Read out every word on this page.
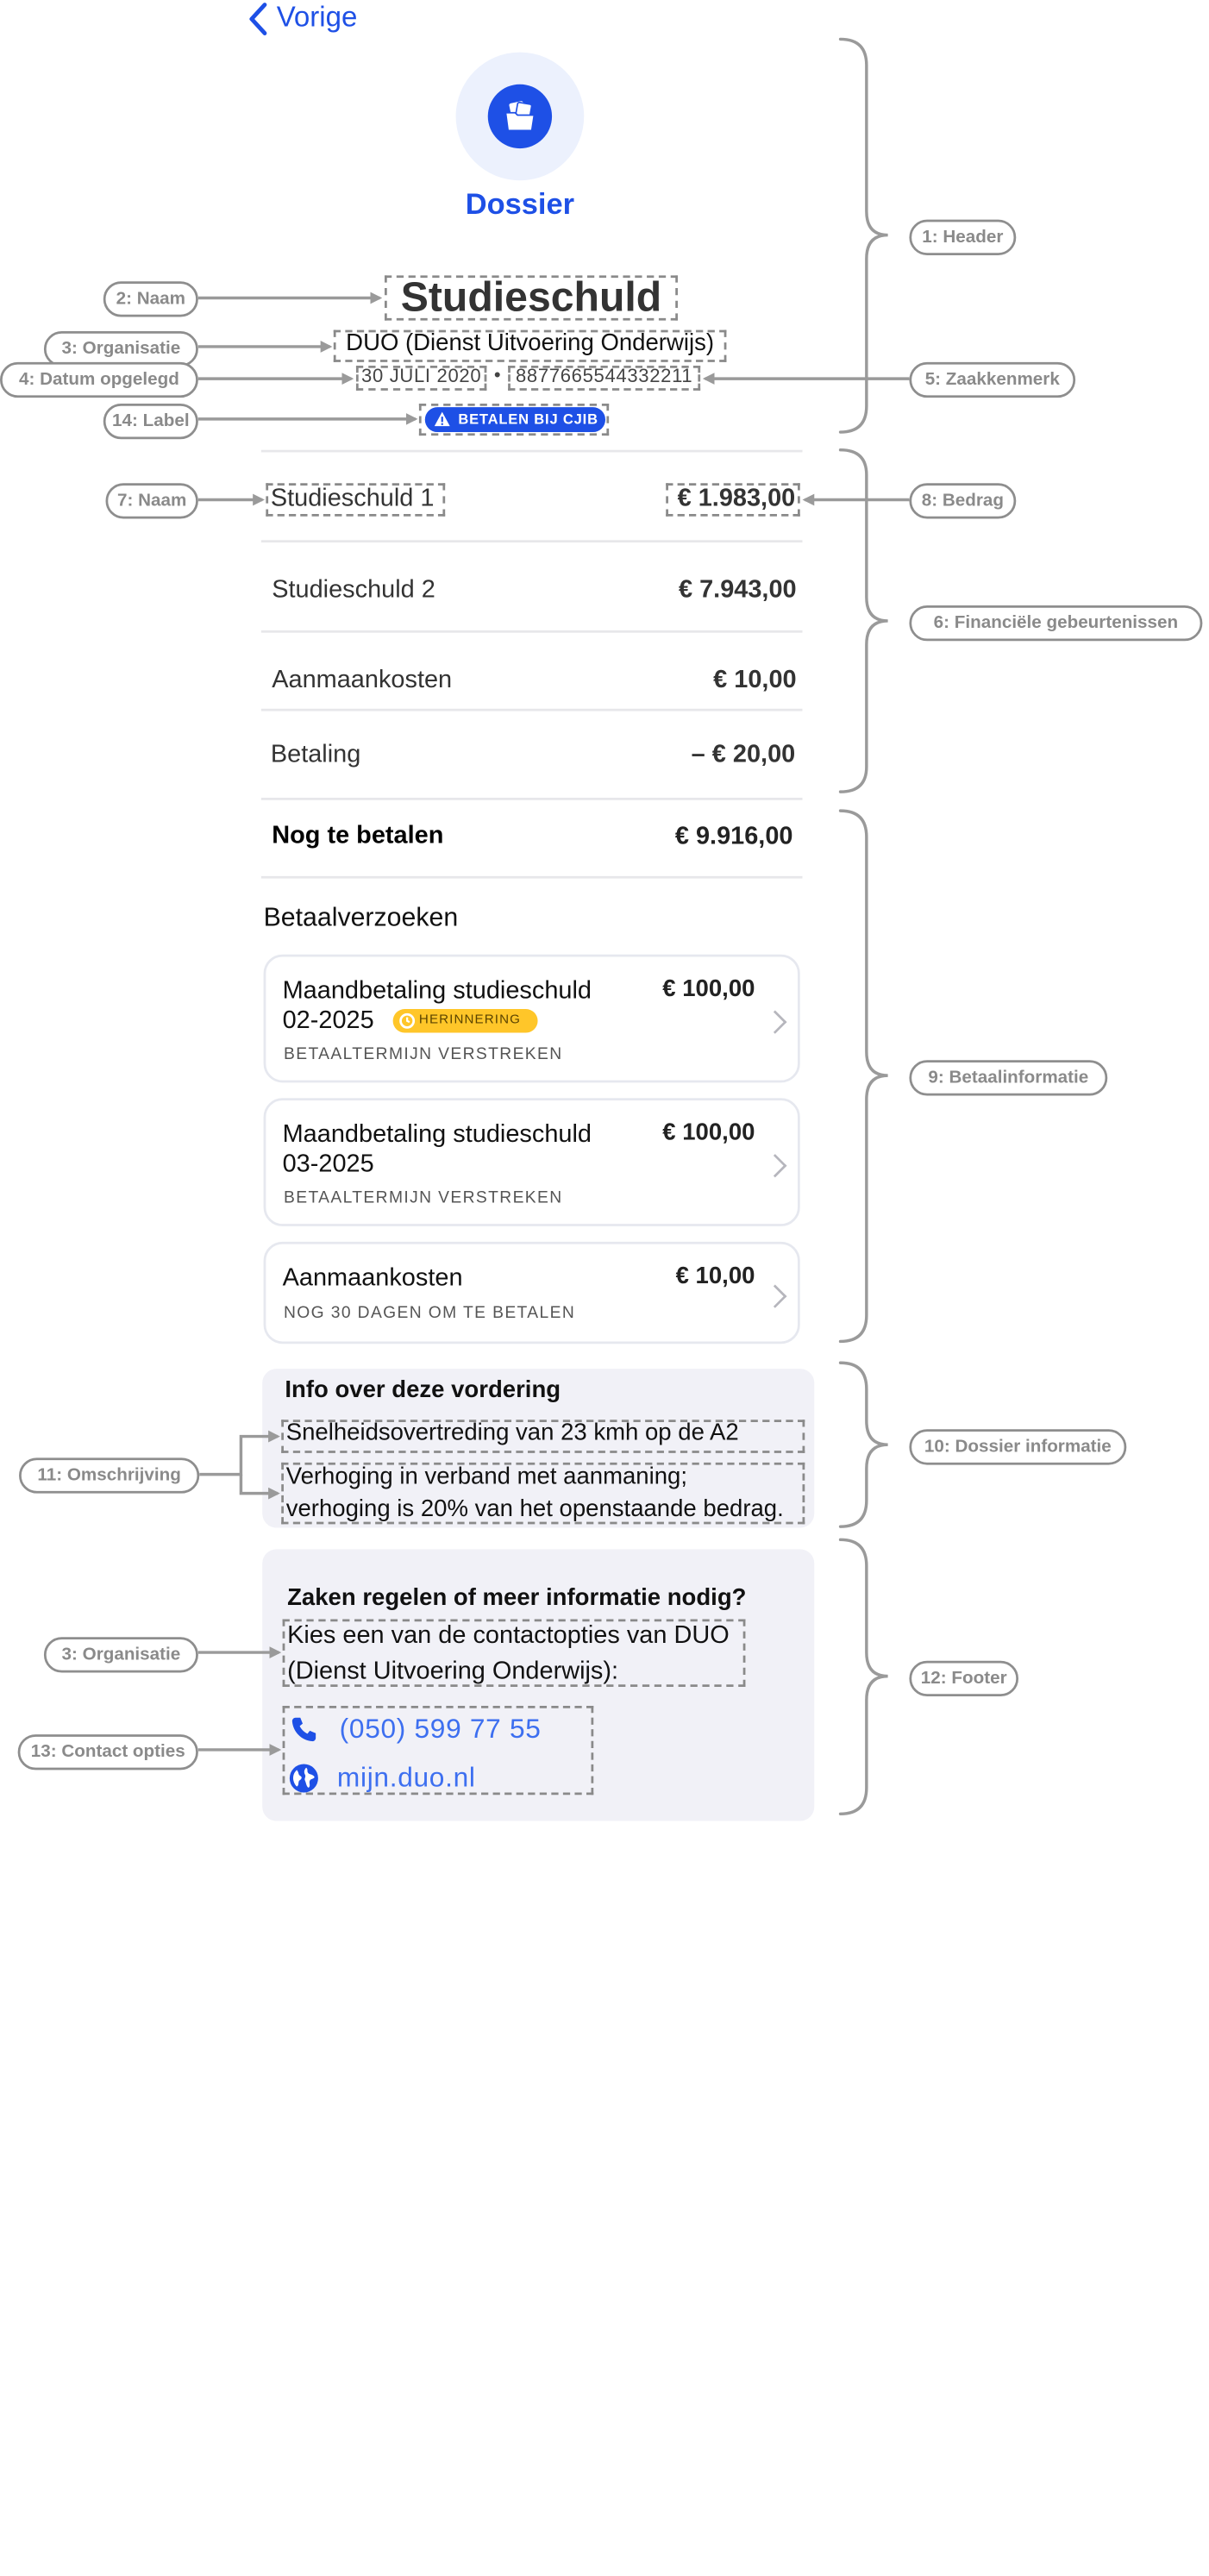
Vorige
Dossier
Studieschuld
DUO (Dienst Uitvoering Onderwijs)
30 JULI 2020 •	8877665544332211
BETALEN BIJ CJIB
Studieschuld 1	€ 1.983,00
Studieschuld 2	€ 7.943,00
Aanmaankosten	€ 10,00
Betaling	– € 20,00
Nog te betalen	€ 9.916,00
Betaalverzoeken
Maandbetaling studieschuld
02-2025	HERINNERING
€ 100,00
BETAALTERMIJN VERSTREKEN
Maandbetaling studieschuld
03-2025
€ 100,00
BETAALTERMIJN VERSTREKEN
Aanmaankosten	€ 10,00
NOG 30 DAGEN OM TE BETALEN
Info over deze vordering
Snelheidsovertreding van 23 kmh op de A2
Verhoging in verband met aanmaning;
verhoging is 20% van het openstaande bedrag.
Zaken regelen of meer informatie nodig?
Kies een van de contactopties van DUO
(Dienst Uitvoering Onderwijs):
(050) 599 77 55
mijn.duo.nl
1: Header
5: Zaakkenmerk
8: Bedrag
6: Financiële gebeurtenissen
9: Betaalinformatie
10: Dossier informatie
12: Footer
2: Naam
3: Organisatie
4: Datum opgelegd
14: Label
7: Naam
11: Omschrijving
3: Organisatie
13: Contact opties
